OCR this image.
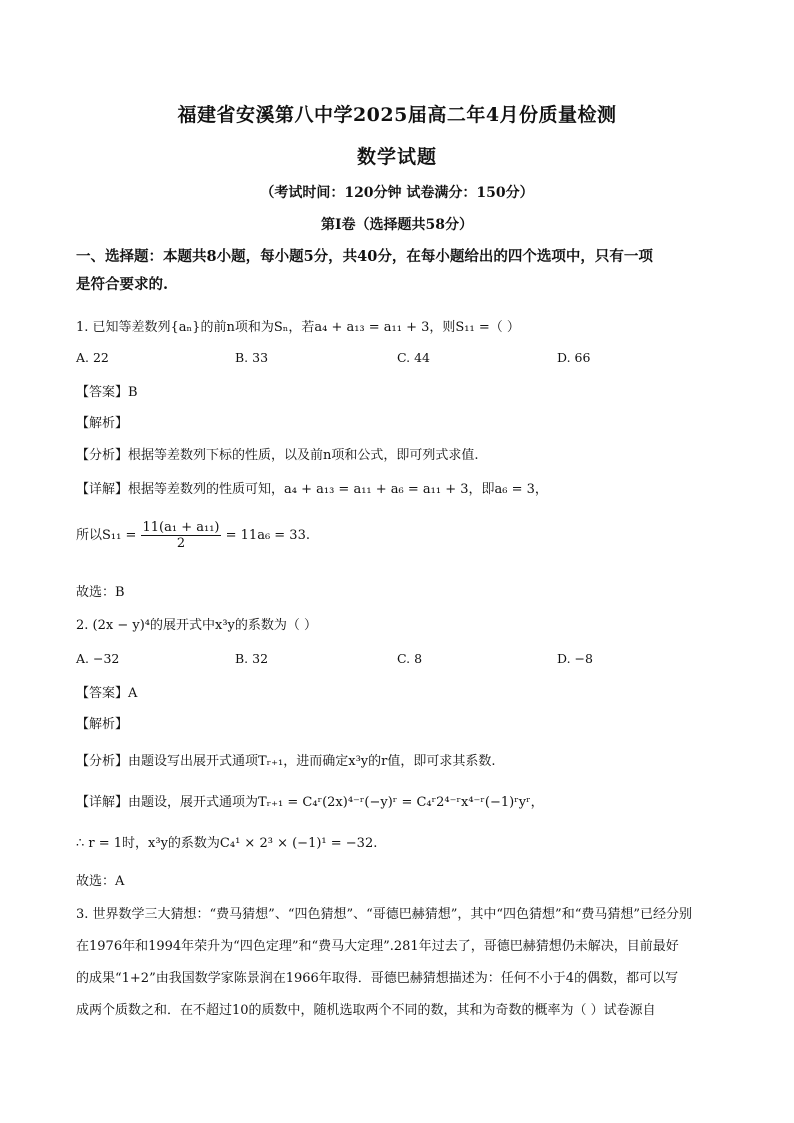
福建省安溪第八中学2025届高二年4月份质量检测
数学试题
（考试时间：120分钟 试卷满分：150分）
第I卷（选择题共58分）
一、选择题：本题共8小题，每小题5分，共40分，在每小题给出的四个选项中，只有一项
是符合要求的.
1. 已知等差数列{aₙ}的前n项和为Sₙ，若a₄ + a₁₃ = a₁₁ + 3，则S₁₁ =（ ）
A. 22	B. 33	C. 44	D. 66
【答案】B
【解析】
【分析】根据等差数列下标的性质，以及前n项和公式，即可列式求值.
【详解】根据等差数列的性质可知，a₄ + a₁₃ = a₁₁ + a₆ = a₁₁ + 3，即a₆ = 3，
所以$S_{11} = \frac{\text{11(a₁ + a₁₁)}}{2} = 11a_6 = 33$.
故选：B
2. (2x − y)⁴的展开式中x³y的系数为（ ）
A. −32	B. 32	C. 8	D. −8
【答案】A
【解析】
【分析】由题设写出展开式通项Tᵣ₊₁，进而确定x³y的r值，即可求其系数.
【详解】由题设，展开式通项为Tᵣ₊₁ = C₄ʳ(2x)⁴⁻ʳ(−y)ʳ = C₄ʳ2⁴⁻ʳx⁴⁻ʳ(−1)ʳyʳ，
∴ r = 1时，x³y的系数为C₄¹ × 2³ × (−1)¹ = −32.
故选：A
3. 世界数学三大猜想：“费马猜想”、“四色猜想”、“哥德巴赫猜想”，其中“四色猜想”和“费马猜想”已经分别
在1976年和1994年荣升为“四色定理”和“费马大定理”.281年过去了，哥德巴赫猜想仍未解决，目前最好
的成果“1+2”由我国数学家陈景润在1966年取得．哥德巴赫猜想描述为：任何不小于4的偶数，都可以写
成两个质数之和．在不超过10的质数中，随机选取两个不同的数，其和为奇数的概率为（ ）试卷源自
